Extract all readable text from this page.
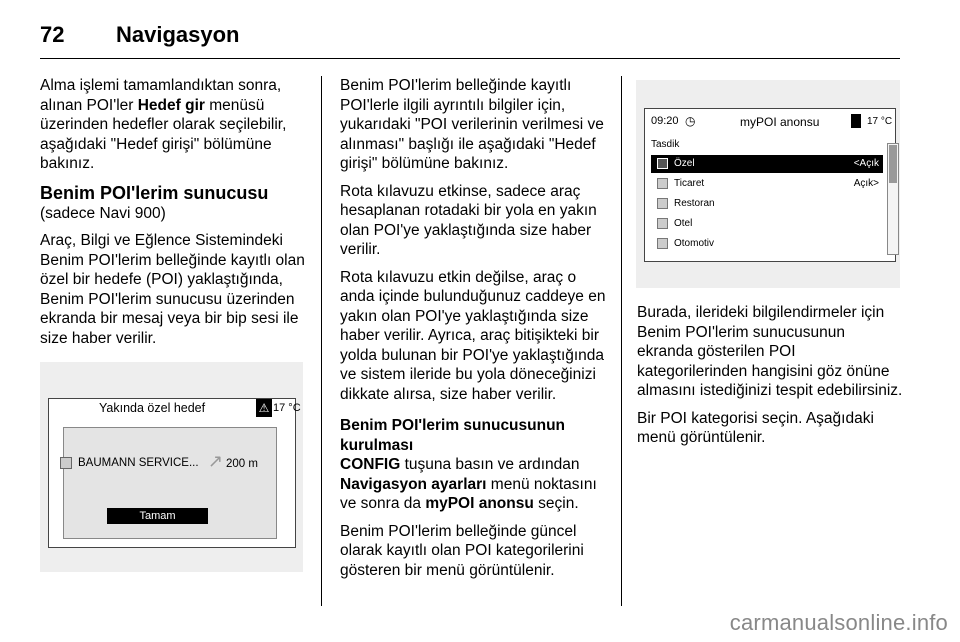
72 Navigasyon

Alma işlemi tamamlandıktan sonra, alınan POI'ler Hedef gir menüsü üzerinden hedefler olarak seçilebilir, aşağıdaki "Hedef girişi" bölümüne bakınız.

Benim POI'lerim sunucusu

(sadece Navi 900)

Araç, Bilgi ve Eğlence Sistemindeki Benim POI'lerim belleğinde kayıtlı olan özel bir hedefe (POI) yaklaştığında, Benim POI'lerim sunucusu üzerinden ekranda bir mesaj veya bir bip sesi ile size haber verilir.

Yakında özel hedef	⚠ 17 °C
BAUMANN SERVICE... ↗ 200 m
Tamam

Benim POI'lerim belleğinde kayıtlı POI'lerle ilgili ayrıntılı bilgiler için, yukarıdaki "POI verilerinin verilmesi ve alınması" başlığı ile aşağıdaki "Hedef girişi" bölümüne bakınız.

Rota kılavuzu etkinse, sadece araç hesaplanan rotadaki bir yola en yakın olan POI'ye yaklaştığında size haber verilir.

Rota kılavuzu etkin değilse, araç o anda içinde bulunduğunuz caddeye en yakın olan POI'ye yaklaştığında size haber verilir. Ayrıca, araç bitişikteki bir yolda bulunan bir POI'ye yaklaştığında ve sistem ileride bu yola döneceğinizi dikkate alırsa, size haber verilir.

Benim POI'lerim sunucusunun kurulması

CONFIG tuşuna basın ve ardından Navigasyon ayarları menü noktasını ve sonra da myPOI anonsu seçin.

Benim POI'lerim belleğinde güncel olarak kayıtlı olan POI kategorilerini gösteren bir menü görüntülenir.

09:20 ◷	myPOI anonsu	17 °C
Tasdik
Özel	<Açık
Ticaret	Açık>
Restoran
Otel
Otomotiv

Burada, ilerideki bilgilendirmeler için Benim POI'lerim sunucusunun ekranda gösterilen POI kategorilerinden hangisini göz önüne almasını istediğinizi tespit edebilirsiniz.

Bir POI kategorisi seçin. Aşağıdaki menü görüntülenir.

carmanualsonline.info
